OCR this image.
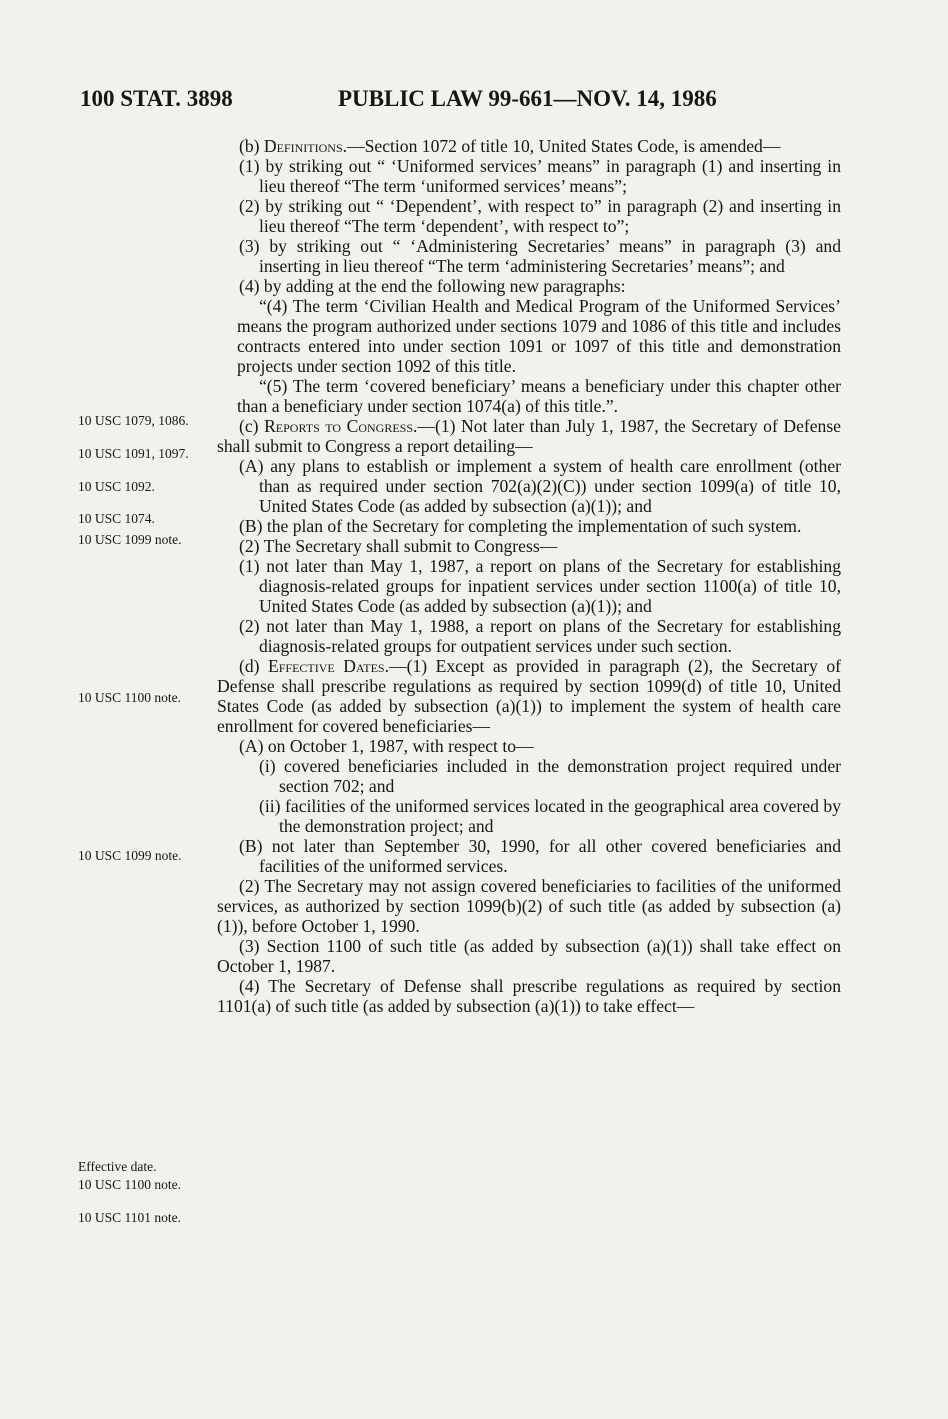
100 STAT. 3898	PUBLIC LAW 99-661—NOV. 14, 1986
10 USC 1079, 1086.
10 USC 1091, 1097.
10 USC 1092.
10 USC 1074.
10 USC 1099 note.
10 USC 1100 note.
10 USC 1099 note.
Effective date.
10 USC 1100 note.
10 USC 1101 note.

(b) Definitions.—Section 1072 of title 10, United States Code, is amended—

(1) by striking out “ ‘Uniformed services’ means” in paragraph (1) and inserting in lieu thereof “The term ‘uniformed services’ means”;

(2) by striking out “ ‘Dependent’, with respect to” in paragraph (2) and inserting in lieu thereof “The term ‘dependent’, with respect to”;

(3) by striking out “ ‘Administering Secretaries’ means” in paragraph (3) and inserting in lieu thereof “The term ‘administering Secretaries’ means”; and

(4) by adding at the end the following new paragraphs:

“(4) The term ‘Civilian Health and Medical Program of the Uniformed Services’ means the program authorized under sections 1079 and 1086 of this title and includes contracts entered into under section 1091 or 1097 of this title and demonstration projects under section 1092 of this title.

“(5) The term ‘covered beneficiary’ means a beneficiary under this chapter other than a beneficiary under section 1074(a) of this title.”.

(c) Reports to Congress.—(1) Not later than July 1, 1987, the Secretary of Defense shall submit to Congress a report detailing—

(A) any plans to establish or implement a system of health care enrollment (other than as required under section 702(a)(2)(C)) under section 1099(a) of title 10, United States Code (as added by subsection (a)(1)); and

(B) the plan of the Secretary for completing the implementation of such system.

(2) The Secretary shall submit to Congress—

(1) not later than May 1, 1987, a report on plans of the Secretary for establishing diagnosis-related groups for inpatient services under section 1100(a) of title 10, United States Code (as added by subsection (a)(1)); and

(2) not later than May 1, 1988, a report on plans of the Secretary for establishing diagnosis-related groups for outpatient services under such section.

(d) Effective Dates.—(1) Except as provided in paragraph (2), the Secretary of Defense shall prescribe regulations as required by section 1099(d) of title 10, United States Code (as added by subsection (a)(1)) to implement the system of health care enrollment for covered beneficiaries—

(A) on October 1, 1987, with respect to—

(i) covered beneficiaries included in the demonstration project required under section 702; and

(ii) facilities of the uniformed services located in the geographical area covered by the demonstration project; and

(B) not later than September 30, 1990, for all other covered beneficiaries and facilities of the uniformed services.

(2) The Secretary may not assign covered beneficiaries to facilities of the uniformed services, as authorized by section 1099(b)(2) of such title (as added by subsection (a)(1)), before October 1, 1990.

(3) Section 1100 of such title (as added by subsection (a)(1)) shall take effect on October 1, 1987.

(4) The Secretary of Defense shall prescribe regulations as required by section 1101(a) of such title (as added by subsection (a)(1)) to take effect—
